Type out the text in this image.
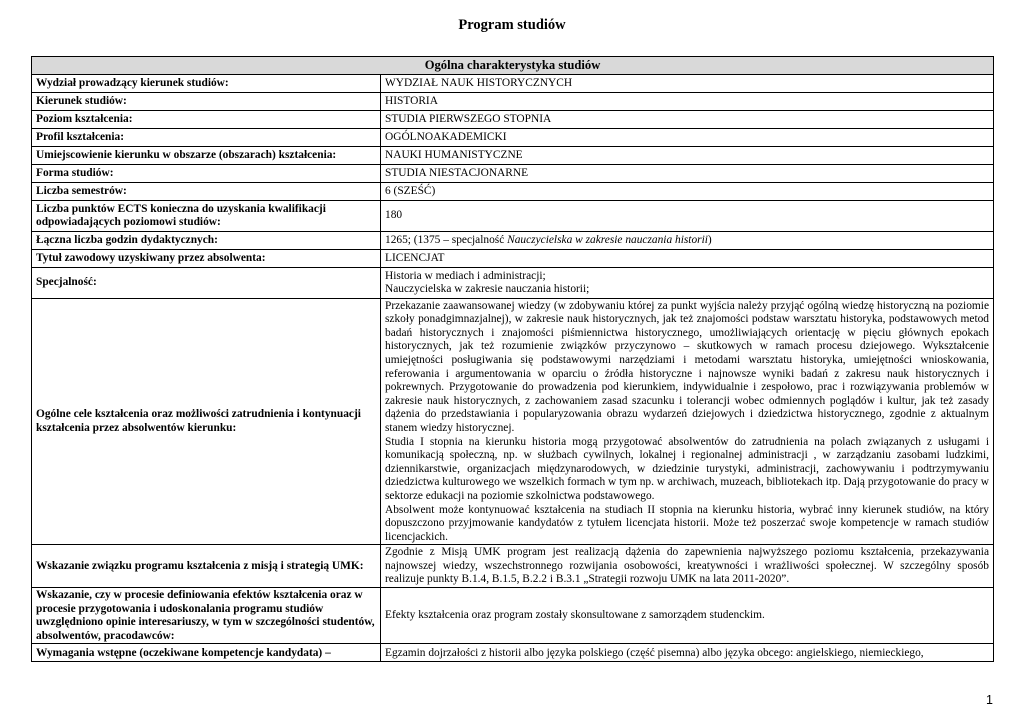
Program studiów
Ogólna charakterystyka studiów	
Wydział prowadzący kierunek studiów:	WYDZIAŁ NAUK HISTORYCZNYCH
Kierunek studiów:	HISTORIA
Poziom kształcenia:	STUDIA PIERWSZEGO STOPNIA
Profil kształcenia:	OGÓLNOAKADEMICKI
Umiejscowienie kierunku w obszarze (obszarach) kształcenia:	NAUKI HUMANISTYCZNE
Forma studiów:	STUDIA NIESTACJONARNE
Liczba semestrów:	6 (SZEŚĆ)
Liczba punktów ECTS konieczna do uzyskania kwalifikacji odpowiadających poziomowi studiów:	180
Łączna liczba godzin dydaktycznych:	1265; (1375 – specjalność Nauczycielska w zakresie nauczania historii)
Tytuł zawodowy uzyskiwany przez absolwenta:	LICENCJAT
Specjalność:	Historia w mediach i administracji;
Nauczycielska w zakresie nauczania historii;

Ogólne cele kształcenia oraz możliwości zatrudnienia i kontynuacji kształcenia przez absolwentów kierunku:	Przekazanie zaawansowanej wiedzy (w zdobywaniu której za punkt wyjścia należy przyjąć ogólną wiedzę historyczną na poziomie szkoły ponadgimnazjalnej), w zakresie nauk historycznych, jak też znajomości podstaw warsztatu historyka, podstawowych metod badań historycznych i znajomości piśmiennictwa historycznego, umożliwiających orientację w pięciu głównych epokach historycznych, jak też rozumienie związków przyczynowo – skutkowych w ramach procesu dziejowego. Wykształcenie umiejętności posługiwania się podstawowymi narzędziami i metodami warsztatu historyka, umiejętności wnioskowania, referowania i argumentowania w oparciu o źródła historyczne i najnowsze wyniki badań z zakresu nauk historycznych i pokrewnych. Przygotowanie do prowadzenia pod kierunkiem, indywidualnie i zespołowo, prac i rozwiązywania problemów w zakresie nauk historycznych, z zachowaniem zasad szacunku i tolerancji wobec odmiennych poglądów i kultur, jak też zasady dążenia do przedstawiania i popularyzowania obrazu wydarzeń dziejowych i dziedzictwa historycznego, zgodnie z aktualnym stanem wiedzy historycznej.

Studia I stopnia na kierunku historia mogą przygotować absolwentów do zatrudnienia na polach związanych z usługami i komunikacją społeczną, np. w służbach cywilnych, lokalnej i regionalnej administracji , w zarządzaniu zasobami ludzkimi, dziennikarstwie, organizacjach międzynarodowych, w dziedzinie turystyki, administracji, zachowywaniu i podtrzymywaniu dziedzictwa kulturowego we wszelkich formach w tym np. w archiwach, muzeach, bibliotekach itp. Dają przygotowanie do pracy w sektorze edukacji na poziomie szkolnictwa podstawowego.

Absolwent może kontynuować kształcenia na studiach II stopnia na kierunku historia, wybrać inny kierunek studiów, na który dopuszczono przyjmowanie kandydatów z tytułem licencjata historii. Może też poszerzać swoje kompetencje w ramach studiów licencjackich.

Wskazanie związku programu kształcenia z misją i strategią UMK:	Zgodnie z Misją UMK program jest realizacją dążenia do zapewnienia najwyższego poziomu kształcenia, przekazywania najnowszej wiedzy, wszechstronnego rozwijania osobowości, kreatywności i wrażliwości społecznej. W szczególny sposób realizuje punkty B.1.4, B.1.5, B.2.2 i B.3.1 „Strategii rozwoju UMK na lata 2011-2020”.
Wskazanie, czy w procesie definiowania efektów kształcenia oraz w procesie przygotowania i udoskonalania programu studiów uwzględniono opinie interesariuszy, w tym w szczególności studentów, absolwentów, pracodawców:	Efekty kształcenia oraz program zostały skonsultowane z samorządem studenckim.
Wymagania wstępne (oczekiwane kompetencje kandydata) –	Egzamin dojrzałości z historii albo języka polskiego (część pisemna) albo języka obcego: angielskiego, niemieckiego,
1
